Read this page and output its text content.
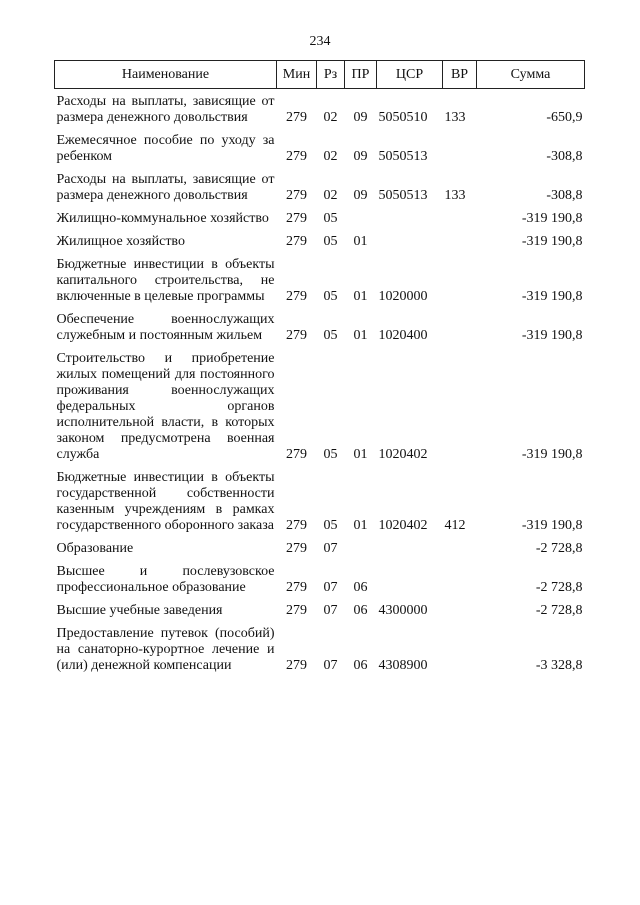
234
Наименование	Мин	Рз	ПР	ЦСР	ВР	Сумма
Расходы на выплаты, зависящие от размера денежного довольствия	279	02	09	5050510	133	-650,9
Ежемесячное пособие по уходу за ребенком	279	02	09	5050513		-308,8
Расходы на выплаты, зависящие от размера денежного довольствия	279	02	09	5050513	133	-308,8
Жилищно-коммунальное хозяйство	279	05				-319 190,8
Жилищное хозяйство	279	05	01			-319 190,8
Бюджетные инвестиции в объекты капитального строительства, не включенные в целевые программы	279	05	01	1020000		-319 190,8
Обеспечение военнослужащих служебным и постоянным жильем	279	05	01	1020400		-319 190,8
Строительство и приобретение жилых помещений для постоянного проживания военнослужащих федеральных органов исполнительной власти, в которых законом предусмотрена военная служба	279	05	01	1020402		-319 190,8
Бюджетные инвестиции в объекты государственной собственности казенным учреждениям в рамках государственного оборонного заказа	279	05	01	1020402	412	-319 190,8
Образование	279	07				-2 728,8
Высшее и послевузовское профессиональное образование	279	07	06			-2 728,8
Высшие учебные заведения	279	07	06	4300000		-2 728,8
Предоставление путевок (пособий) на санаторно-курортное лечение и (или) денежной компенсации	279	07	06	4308900		-3 328,8
